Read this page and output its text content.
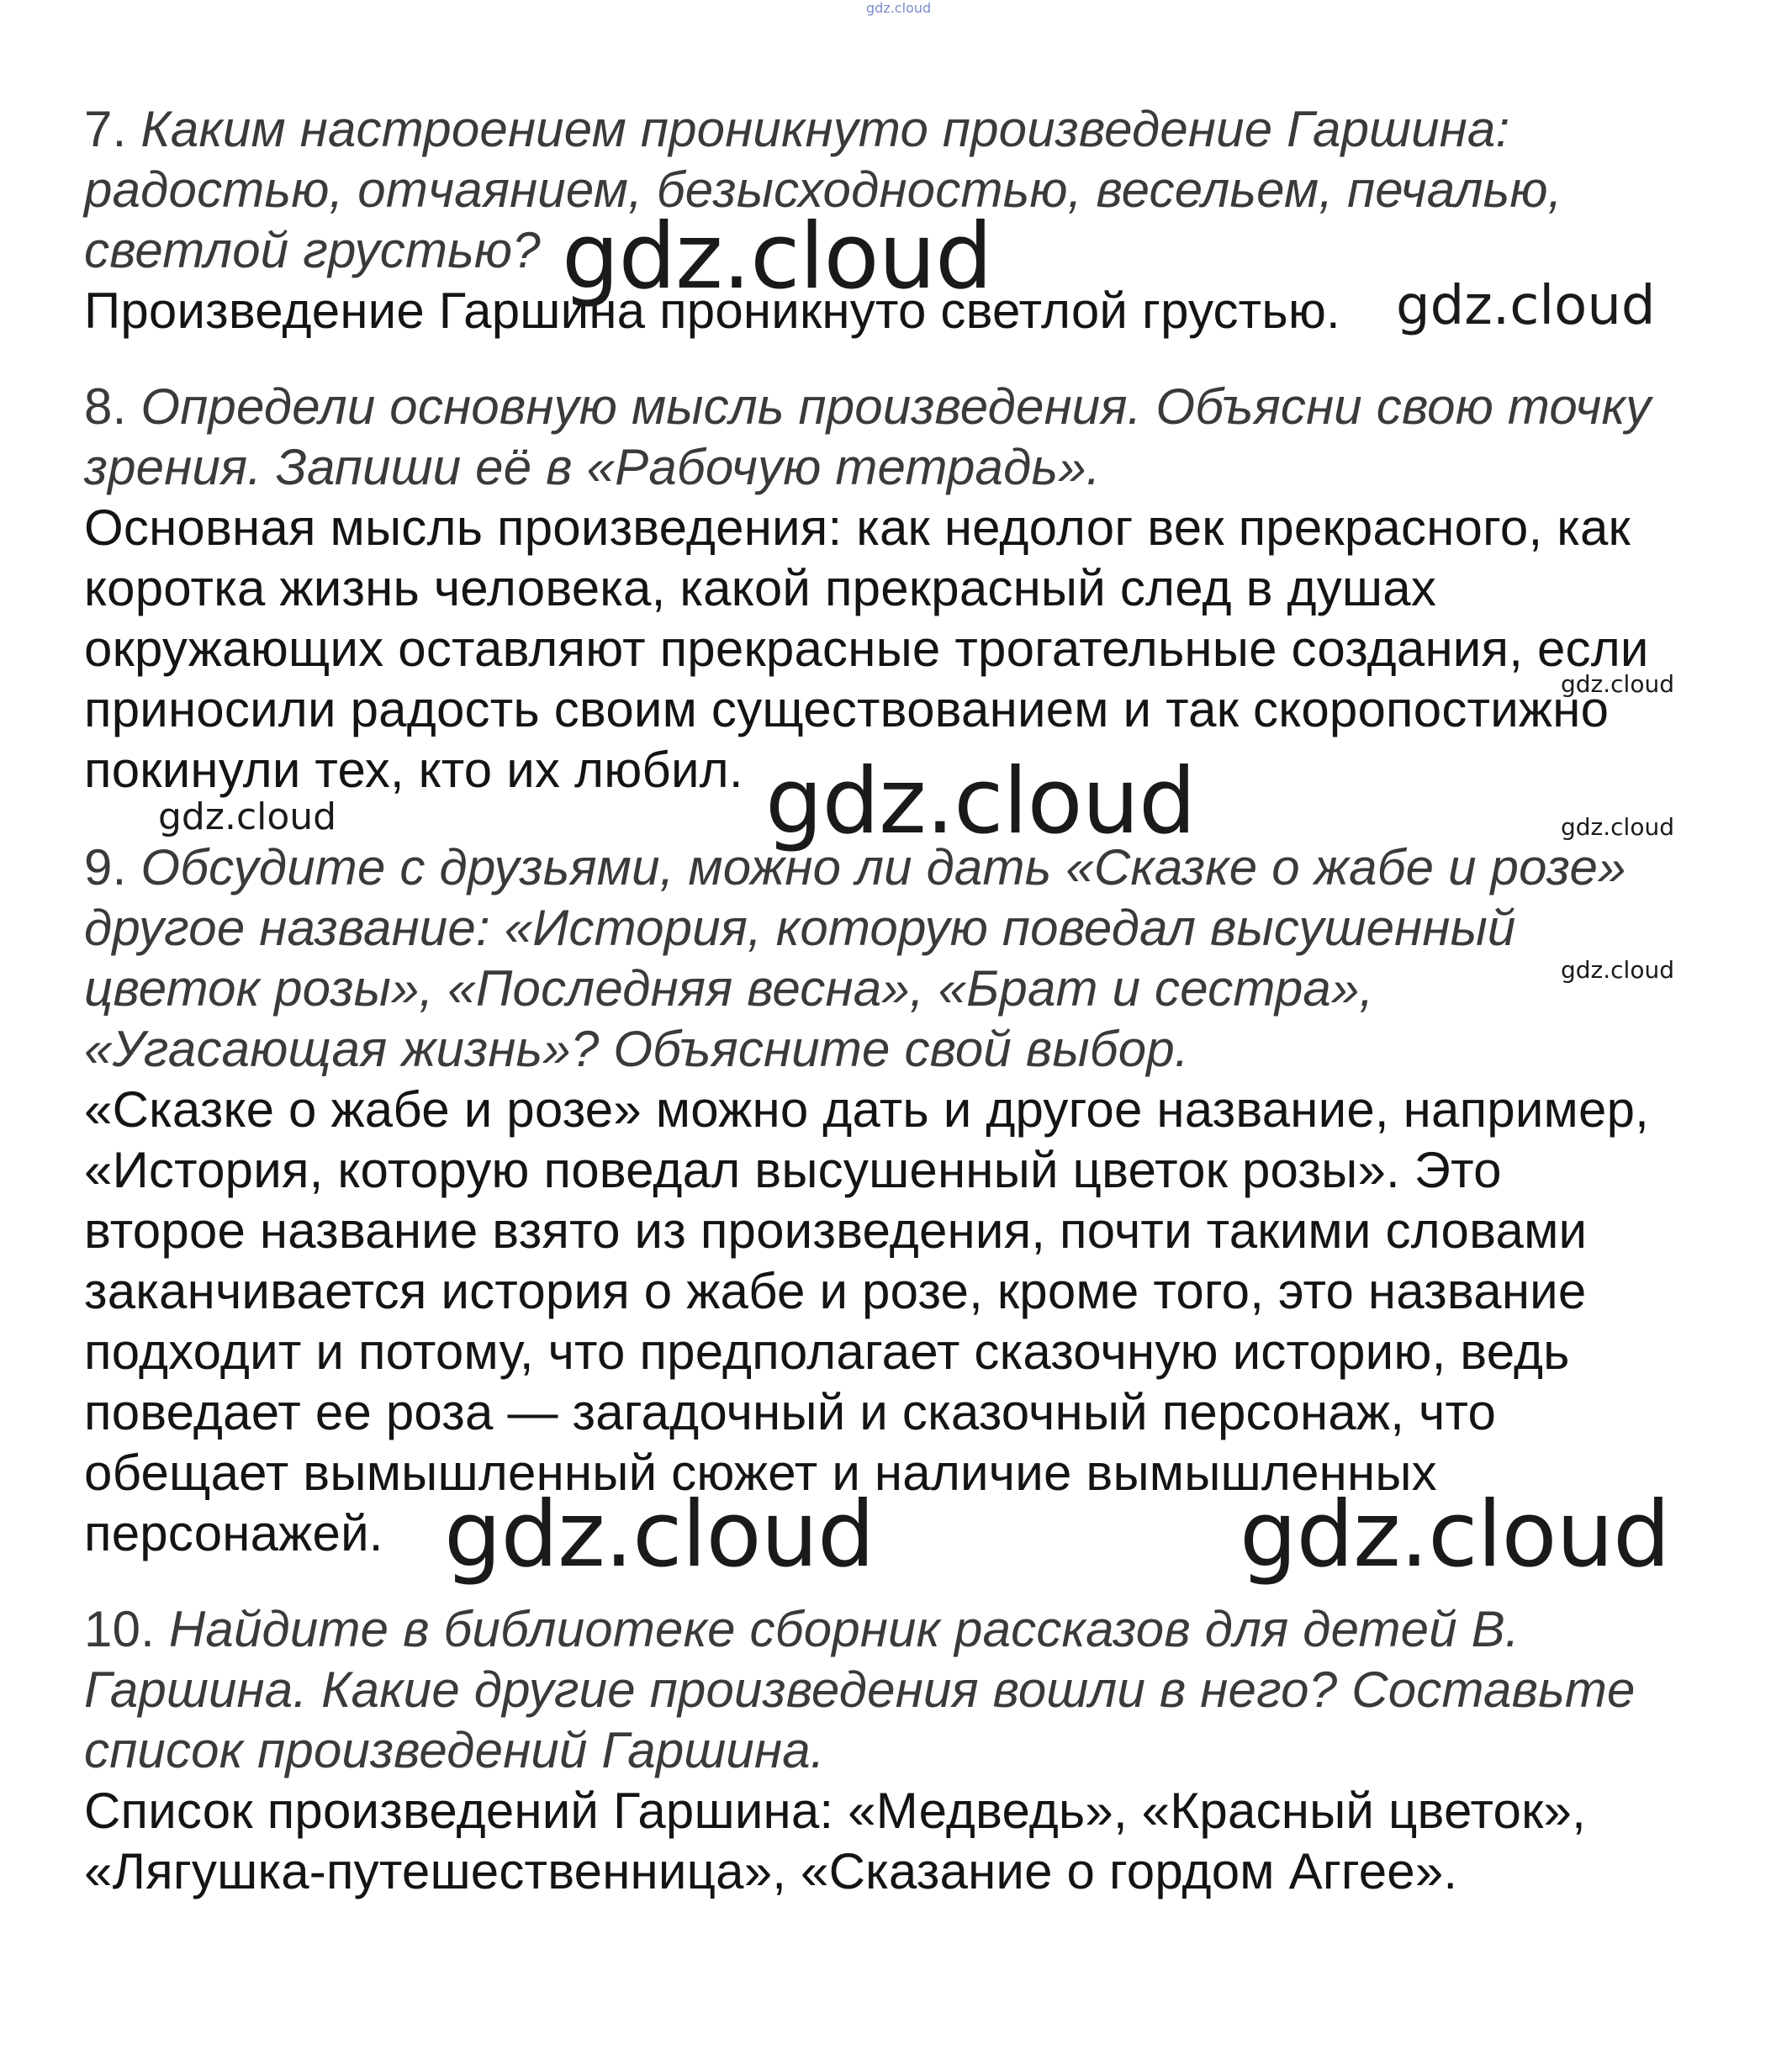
7. Каким настроением проникнуто произведение Гаршина:
радостью, отчаянием, безысходностью, весельем, печалью,
светлой грустью?
Произведение Гаршина проникнуто светлой грустью.
8. Определи основную мысль произведения. Объясни свою точку
зрения. Запиши её в «Рабочую тетрадь».
Основная мысль произведения: как недолог век прекрасного, как
коротка жизнь человека, какой прекрасный след в душах
окружающих оставляют прекрасные трогательные создания, если
приносили радость своим существованием и так скоропостижно
покинули тех, кто их любил.
9. Обсудите с друзьями, можно ли дать «Сказке о жабе и розе»
другое название: «История, которую поведал высушенный
цветок розы», «Последняя весна», «Брат и сестра»,
«Угасающая жизнь»? Объясните свой выбор.
«Сказке о жабе и розе» можно дать и другое название, например,
«История, которую поведал высушенный цветок розы». Это
второе название взято из произведения, почти такими словами
заканчивается история о жабе и розе, кроме того, это название
подходит и потому, что предполагает сказочную историю, ведь
поведает ее роза — загадочный и сказочный персонаж, что
обещает вымышленный сюжет и наличие вымышленных
персонажей.
10. Найдите в библиотеке сборник рассказов для детей В.
Гаршина. Какие другие произведения вошли в него? Составьте
список произведений Гаршина.
Список произведений Гаршина: «Медведь», «Красный цветок»,
«Лягушка-путешественница», «Сказание о гордом Аггее».
gdz.cloud
gdz.cloud	gdz.cloud
gdz.cloud
gdz.cloud
gdz.cloud	gdz.cloud
gdz.cloud
gdz.cloud	gdz.cloud
